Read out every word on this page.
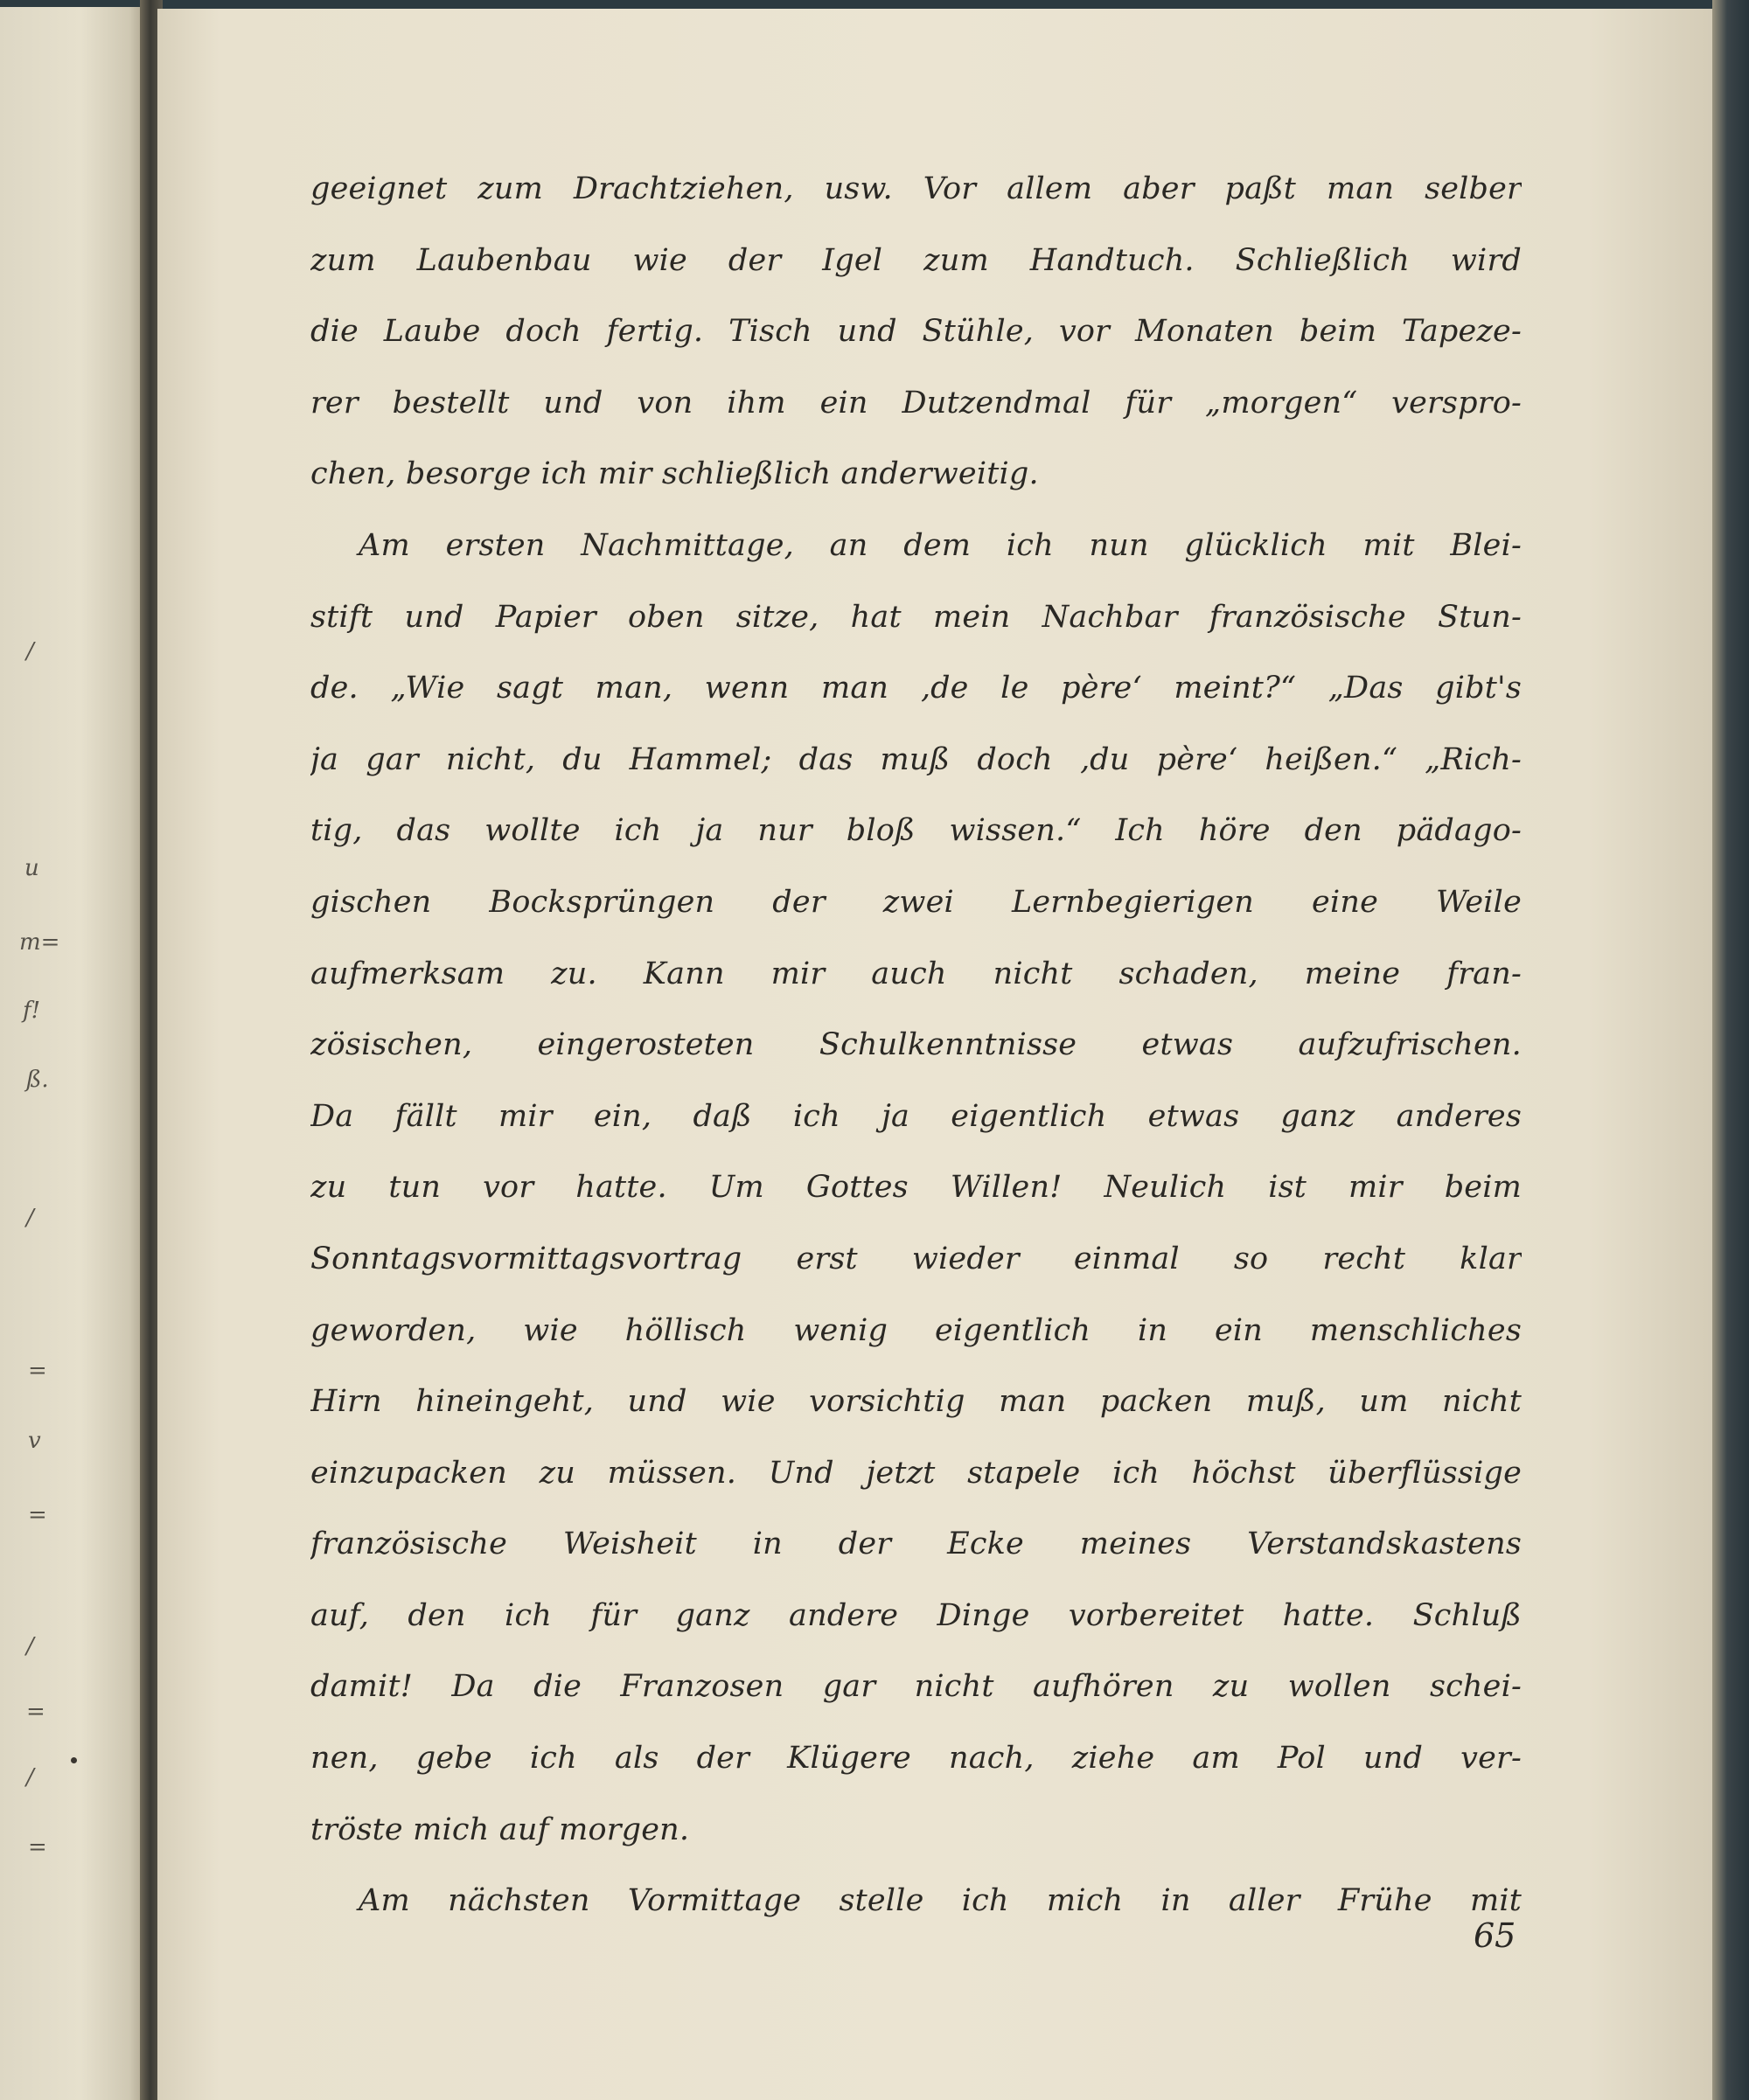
/
u
m=
f!
ß.
/
=
v
=
/
=
/
=
geeignet zum Drachtziehen, usw. Vor allem aber paßt man selber
zum Laubenbau wie der Igel zum Handtuch. Schließlich wird
die Laube doch fertig. Tisch und Stühle, vor Monaten beim Tapeze-
rer bestellt und von ihm ein Dutzendmal für „morgen“ verspro-
chen, besorge ich mir schließlich anderweitig.
Am ersten Nachmittage, an dem ich nun glücklich mit Blei-
stift und Papier oben sitze, hat mein Nachbar französische Stun-
de. „Wie sagt man, wenn man ‚de le père‘ meint?“ „Das gibt's
ja gar nicht, du Hammel; das muß doch ‚du père‘ heißen.“ „Rich-
tig, das wollte ich ja nur bloß wissen.“ Ich höre den pädago-
gischen Bocksprüngen der zwei Lernbegierigen eine Weile
aufmerksam zu. Kann mir auch nicht schaden, meine fran-
zösischen, eingerosteten Schulkenntnisse etwas aufzufrischen.
Da fällt mir ein, daß ich ja eigentlich etwas ganz anderes
zu tun vor hatte. Um Gottes Willen! Neulich ist mir beim
Sonntagsvormittagsvortrag erst wieder einmal so recht klar
geworden, wie höllisch wenig eigentlich in ein menschliches
Hirn hineingeht, und wie vorsichtig man packen muß, um nicht
einzupacken zu müssen. Und jetzt stapele ich höchst überflüssige
französische Weisheit in der Ecke meines Verstandskastens
auf, den ich für ganz andere Dinge vorbereitet hatte. Schluß
damit! Da die Franzosen gar nicht aufhören zu wollen schei-
nen, gebe ich als der Klügere nach, ziehe am Pol und ver-
tröste mich auf morgen.
Am nächsten Vormittage stelle ich mich in aller Frühe mit
65
